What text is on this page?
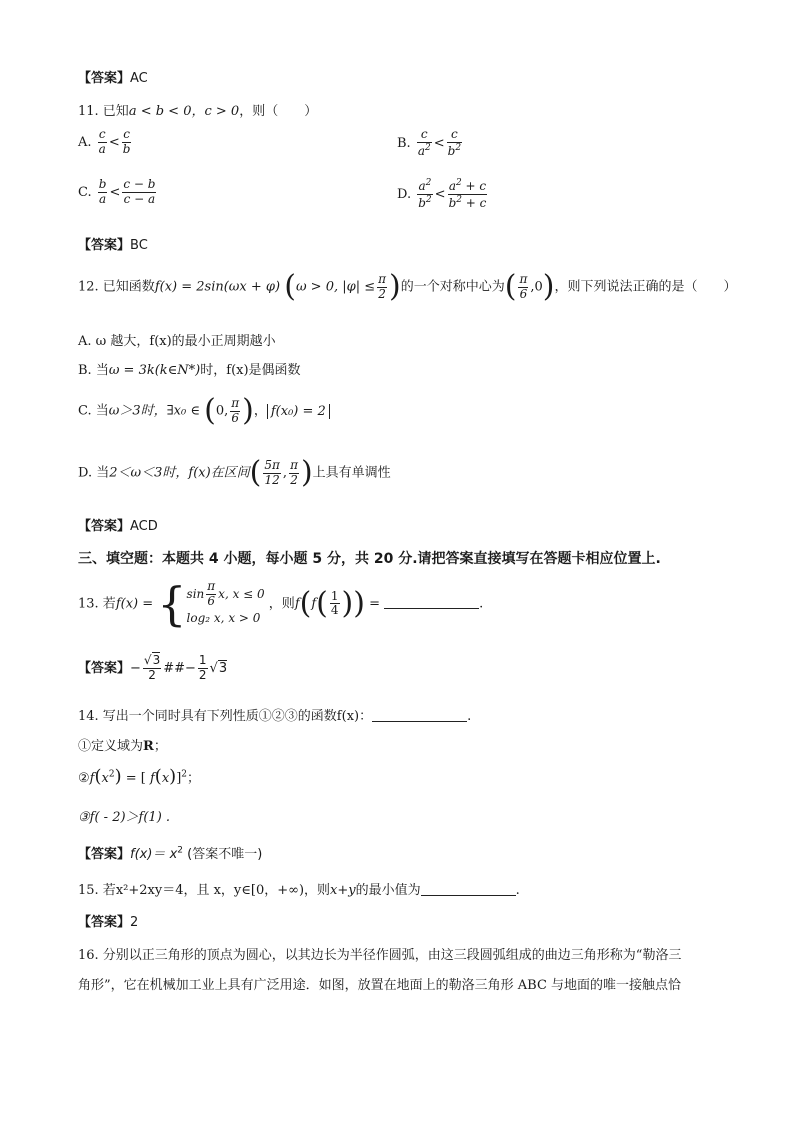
【答案】AC
11. 已知a < b < 0，c > 0，则（　　）
A. $\frac{c}{a} < \frac{c}{b}$	B. $\frac{c}{a^2} < \frac{c}{b^2}$
C. $\frac{b}{a} < \frac{c - b}{c - a}$	D. $\frac{a^2}{b^2} < \frac{a^2 + c}{b^2 + c}$
【答案】BC
12. 已知函数f(x) = 2sin(ωx + φ) (ω > 0, $|\varphi| \le \frac{\pi}{2}$ )的一个对称中心为( $\frac{\pi}{6} ,0$)，则下列说法正确的是（　　）
A. ω 越大，f(x)的最小正周期越小
B. 当ω = 3k(k∈N*)时，f(x)是偶函数
C. 当ω＞3时，∃x₀ ∈ (0, $\frac{\pi}{6}$ )， f(x₀) = 2
D. 当2＜ω＜3时，f(x)在区间( $\frac{5\pi}{12}$ , $\frac{\pi}{2}$ )上具有单调性
【答案】ACD
三、填空题：本题共 4 小题，每小题 5 分，共 20 分.请把答案直接填写在答题卡相应位置上.
13. 若f(x) = { $\sin \frac{\pi}{6} x$, x ≤ 0
log₂ x, x > 0
，则$f(f( \frac{1}{4}$ )) =	.
【答案】− $\frac{√3}{2}$ ##− $\frac{1}{2} √3$
14. 写出一个同时具有下列性质①②③的函数f(x)：	.
①定义域为R；
$②f(x^2)$ = [ f(x)]$^2$；
③f( - 2)＞f(1) .
【答案】$f(x)= x^2$ (答案不唯一)
15. 若x²+2xy＝4，且 x，y∈[0，+∞)，则x+y的最小值为	.
【答案】2
16. 分别以正三角形的顶点为圆心，以其边长为半径作圆弧，由这三段圆弧组成的曲边三角形称为“勒洛三
角形”，它在机械加工业上具有广泛用途．如图，放置在地面上的勒洛三角形 ABC 与地面的唯一接触点恰
